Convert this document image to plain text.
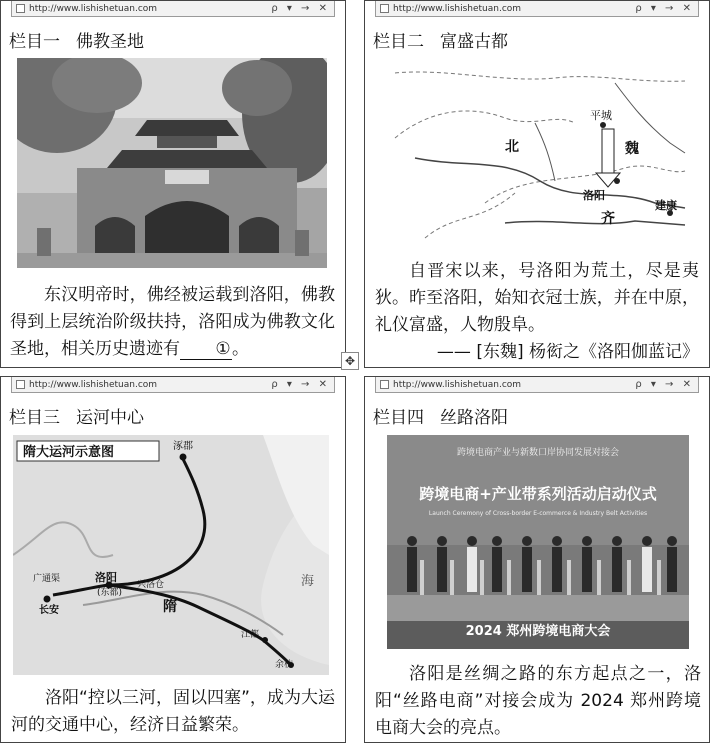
http://www.lishishetuan.com	ρ ▾ → ✕
栏目一 佛教圣地

东汉明帝时，佛经被运载到洛阳，佛教得到上层统治阶级扶持，洛阳成为佛教文化圣地，相关历史遗迹有 ①。

http://www.lishishetuan.com	ρ ▾ → ✕
栏目二 富盛古都
平城
魏
北
洛阳
齐
建康

自晋宋以来，号洛阳为荒土，尽是夷狄。昨至洛阳，始知衣冠士族，并在中原，礼仪富盛，人物殷阜。

—— [东魏] 杨衒之《洛阳伽蓝记》
✥
http://www.lishishetuan.com	ρ ▾ → ✕
栏目三 运河中心
隋大运河示意图	涿郡
洛阳
(东都)
兴洛仓
长安
广通渠
隋
江都
余杭
海

洛阳“控以三河，固以四塞”，成为大运河的交通中心，经济日益繁荣。

http://www.lishishetuan.com	ρ ▾ → ✕
栏目四 丝路洛阳
跨境电商产业与新数口岸协同发展对接会
跨境电商+产业带系列活动启动仪式
Launch Ceremony of Cross-border E-commerce & Industry Belt Activities
2024 郑州跨境电商大会

洛阳是丝绸之路的东方起点之一，洛阳“丝路电商”对接会成为 2024 郑州跨境电商大会的亮点。
